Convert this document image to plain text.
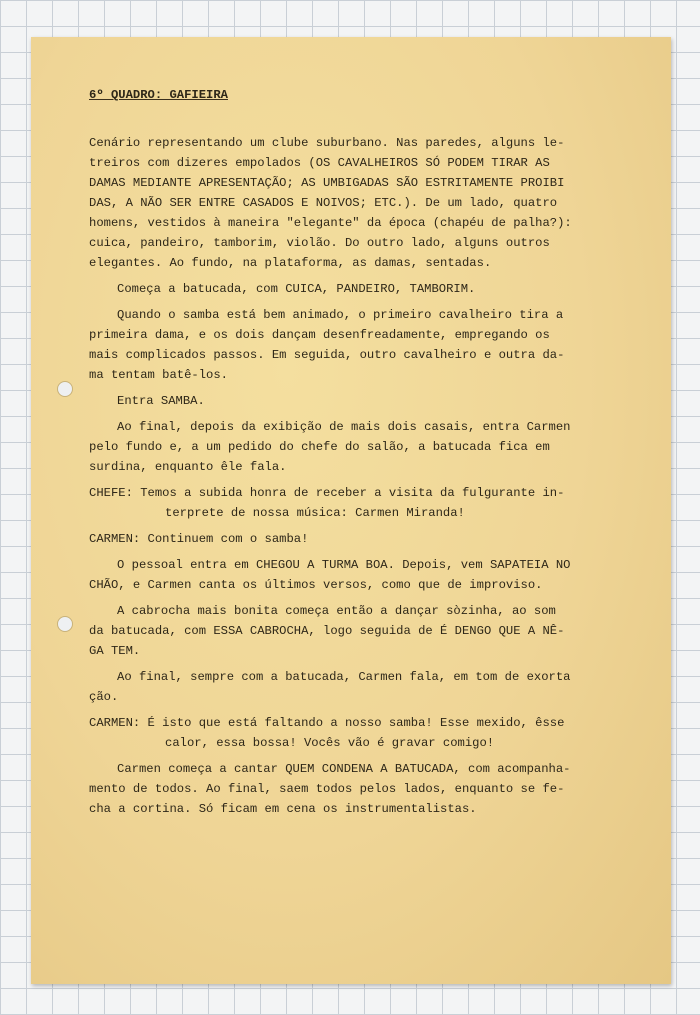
6º QUADRO: GAFIEIRA
Cenário representando um clube suburbano. Nas paredes, alguns le-
treiros com dizeres empolados (OS CAVALHEIROS SÓ PODEM TIRAR AS
DAMAS MEDIANTE APRESENTAÇÃO; AS UMBIGADAS SÃO ESTRITAMENTE PROIBI
DAS, A NÃO SER ENTRE CASADOS E NOIVOS; ETC.). De um lado, quatro
homens, vestidos à maneira "elegante" da época (chapéu de palha?):
cuica, pandeiro, tamborim, violão. Do outro lado, alguns outros
elegantes. Ao fundo, na plataforma, as damas, sentadas.
Começa a batucada, com CUICA, PANDEIRO, TAMBORIM.
Quando o samba está bem animado, o primeiro cavalheiro tira a
primeira dama, e os dois dançam desenfreadamente, empregando os
mais complicados passos. Em seguida, outro cavalheiro e outra da-
ma tentam batê-los.
Entra SAMBA.
Ao final, depois da exibição de mais dois casais, entra Carmen
pelo fundo e, a um pedido do chefe do salão, a batucada fica em
surdina, enquanto êle fala.
CHEFE: Temos a subida honra de receber a visita da fulgurante in-
terprete de nossa música: Carmen Miranda!
CARMEN: Continuem com o samba!
O pessoal entra em CHEGOU A TURMA BOA. Depois, vem SAPATEIA NO
CHÃO, e Carmen canta os últimos versos, como que de improviso.
A cabrocha mais bonita começa então a dançar sòzinha, ao som
da batucada, com ESSA CABROCHA, logo seguida de É DENGO QUE A NÊ-
GA TEM.
Ao final, sempre com a batucada, Carmen fala, em tom de exorta
ção.
CARMEN: É isto que está faltando a nosso samba! Esse mexido, êsse
calor, essa bossa! Vocês vão é gravar comigo!
Carmen começa a cantar QUEM CONDENA A BATUCADA, com acompanha-
mento de todos. Ao final, saem todos pelos lados, enquanto se fe-
cha a cortina. Só ficam em cena os instrumentalistas.
